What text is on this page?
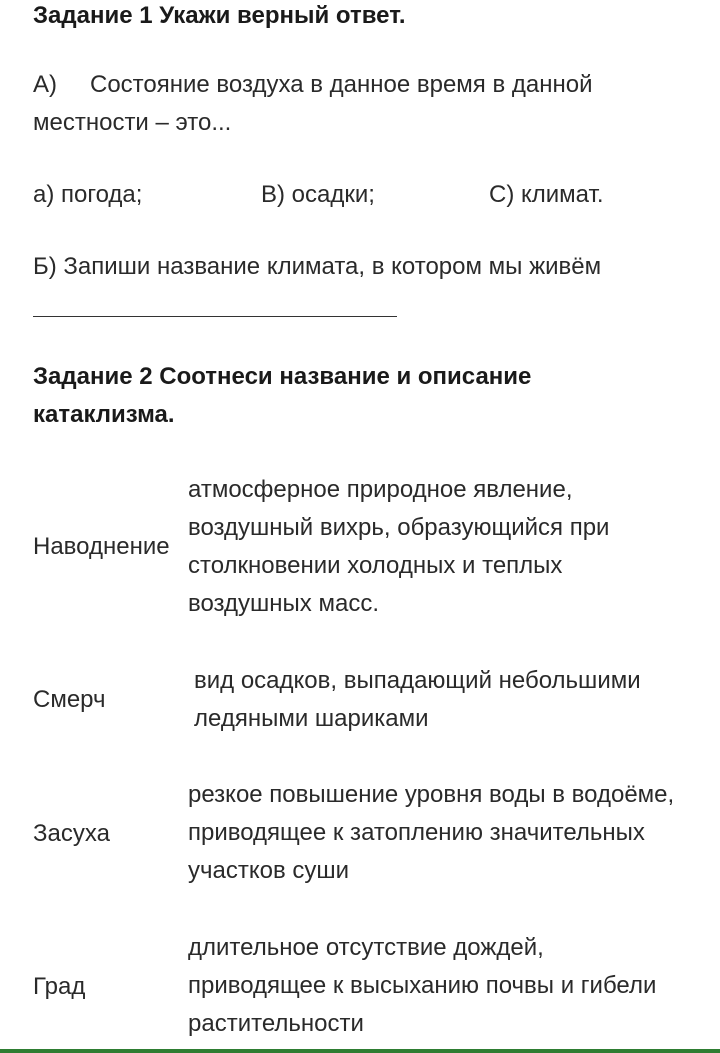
Задание 1 Укажи верный ответ.
А) Состояние воздуха в данное время в данной местности – это...
а) погода;	В) осадки;	С) климат.
Б) Запиши название климата, в котором мы живём
Задание 2 Соотнеси название и описание катаклизма.
Наводнение
атмосферное природное явление, воздушный вихрь, образующийся при столкновении холодных и теплых воздушных масс.
Смерч
вид осадков, выпадающий небольшими ледяными шариками
Засуха
резкое повышение уровня воды в водоёме, приводящее к затоплению значительных участков суши
Град
длительное отсутствие дождей, приводящее к высыханию почвы и гибели растительности
